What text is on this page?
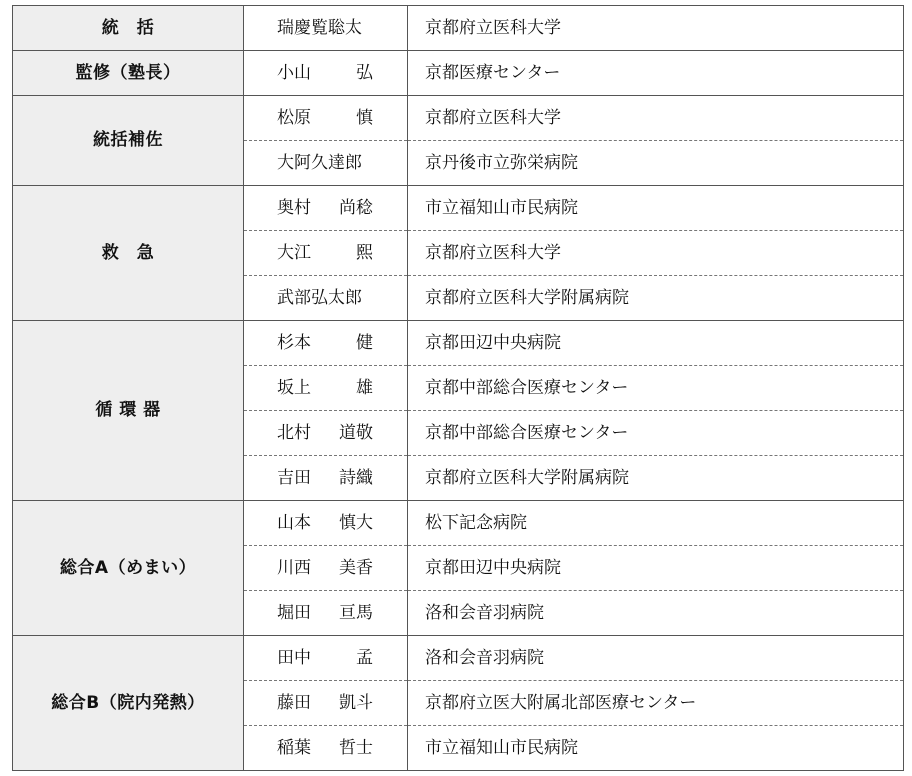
統　括	瑞慶覧聡太	京都府立医科大学
監修（塾長）	小山 弘	京都医療センター
統括補佐	松原 慎	京都府立医科大学

	大阿久達郎	京丹後市立弥栄病院
救　急	奥村 尚稔	市立福知山市民病院

	大江 熙	京都府立医科大学

	武部弘太郎	京都府立医科大学附属病院
循 環 器	杉本 健	京都田辺中央病院

	坂上 雄	京都中部総合医療センター

	北村 道敬	京都中部総合医療センター

	吉田 詩織	京都府立医科大学附属病院
総合A（めまい）	山本 慎大	松下記念病院

	川西 美香	京都田辺中央病院

	堀田 亘馬	洛和会音羽病院
総合B（院内発熱）	田中 孟	洛和会音羽病院

	藤田 凱斗	京都府立医大附属北部医療センター

	稲葉 哲士	市立福知山市民病院
